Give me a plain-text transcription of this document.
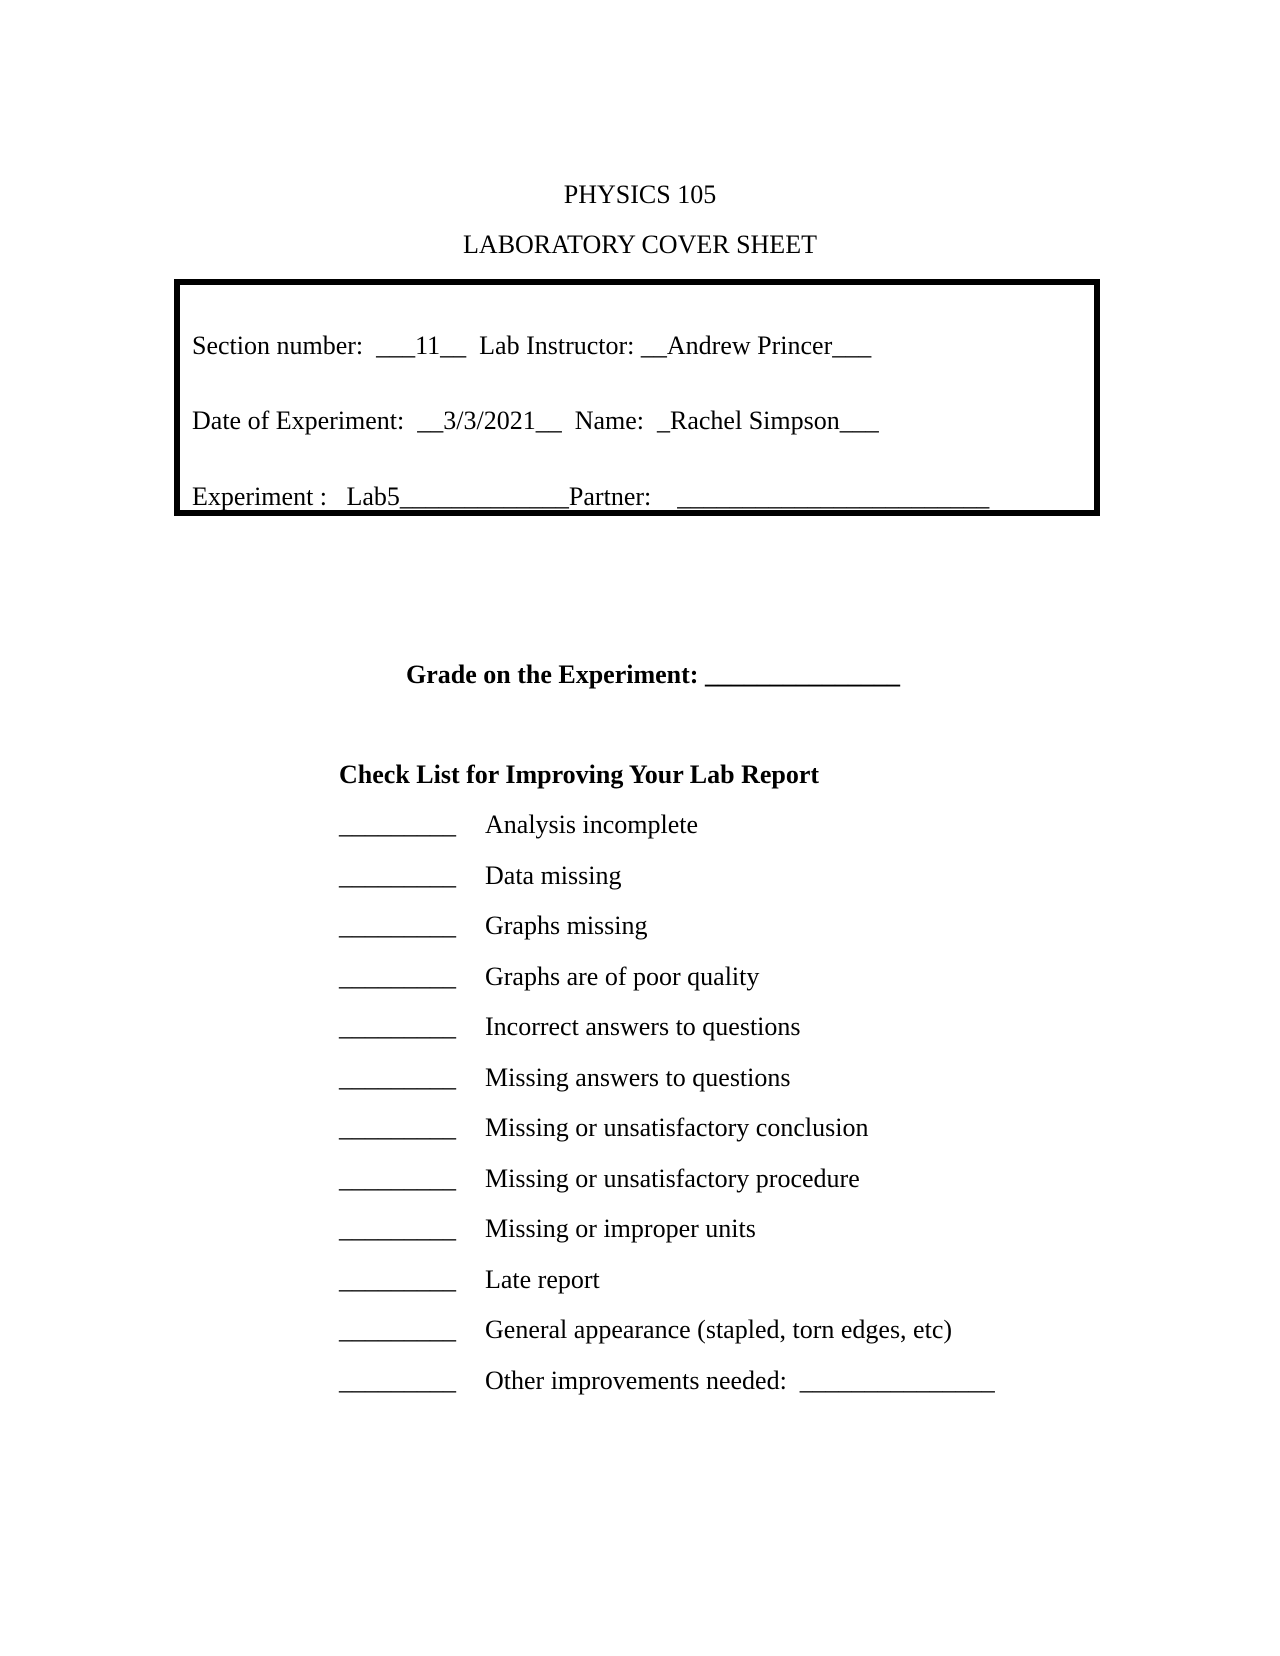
PHYSICS 105
LABORATORY COVER SHEET
Section number:  ___11__  Lab Instructor: __Andrew Princer___
Date of Experiment:  __3/3/2021__  Name:  _Rachel Simpson___
Experiment :   Lab5_____________Partner:    ________________________
Grade on the Experiment: _______________
Check List for Improving Your Lab Report
_________ Analysis incomplete
_________ Data missing
_________ Graphs missing
_________ Graphs are of poor quality
_________ Incorrect answers to questions
_________ Missing answers to questions
_________ Missing or unsatisfactory conclusion
_________ Missing or unsatisfactory procedure
_________ Missing or improper units
_________ Late report
_________ General appearance (stapled, torn edges, etc)
_________ Other improvements needed:  _______________
